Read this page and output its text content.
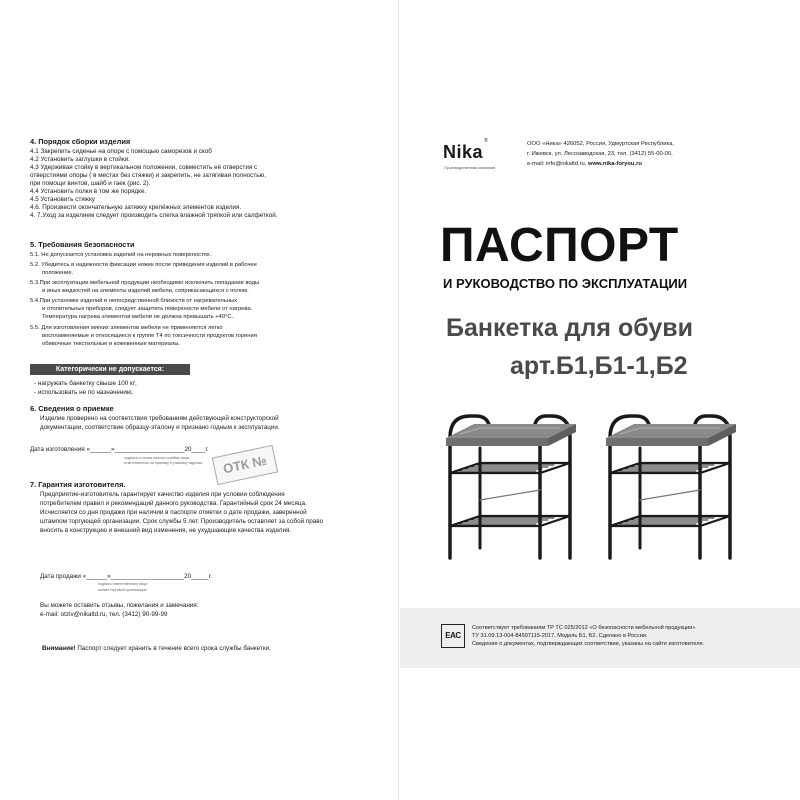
4. Порядок сборки изделия
4.1 Закрепить сиденье на опоре с помощью саморезов и скоб
4.2 Установить заглушки в стойки.
4.3 Удерживая стойку в вертикальном положении, совместить её отверстия с
отверстиями опоры ( в местах без стяжки) и закрепить, не затягивая полностью,
при помощи винтов, шайб и гаек (рис. 2).
4.4 Установить полки в том же порядке.
4.5 Установить стяжку
4.6. Произвести окончательную затяжку крепёжных элементов изделия.
4. 7.Уход за изделием следует производить слегка влажной тряпкой или салфеткой.
5. Требования безопасности
5.1. Не допускается установка изделий на неровных поверхностях.
5.2. Убедитесь в надежности фиксации ножек после приведения изделий в рабочее
положение.
5.3.При эксплуатации мебельной продукции необходимо исключить попадание воды
и иных жидкостей на элементы изделий мебели, соприкасающихся с полом.
5.4.При установке изделий в непосредственной близости от нагревательных
и отопительных приборов, следует защитить поверхности мебели от нагрева.
Температура нагрева элементов мебели не должна превышать +40°С.
5.5. Для изготовления мягких элементов мебели не применяются легко
воспламеняемые и относящиеся к группе Т4 по токсичности продуктов горения
обивочные текстильные и кожевенные материалы.
Категорически не допускается:
- нагружать банкетку свыше 100 кг;
- использовать не по назначению.
6. Сведения о приемке
Изделие проверено на соответствия требованиям действующей конструкторской
документации, соответствие образцу-эталону и признано годным к эксплуатации.
Дата изготовления «______»____________________20____г.
подпись и оттиск личного клейма лица,
ответственного за приемку и упаковку изделия	ОТК №
7. Гарантия изготовителя.
Предприятие-изготовитель гарантирует качество изделия при условии соблюдения
потребителем правил и рекомендаций данного руководства. Гарантийный срок 24 месяца.
Исчисляется со дня продажи при наличии в паспорте отметки о дате продажи, заверенной
штампом торгующей организации. Срок службы 5 лет. Производитель оставляет за собой право
вносить в конструкцию и внешний вид изменения, не ухудшающие качества изделия.
Дата продажи «______»_____________________20_____г.
подпись ответственного лица
штамп торговой организации
Вы можете оставить отзывы, пожелания и замечания:
e-mail: otziv@nikaltd.ru, тел. (3412) 90-99-99
Внимание! Паспорт следует хранить в течение всего срока службы банкетки.
Nika
®
Производственная компания
ООО «Ника» 426052, Россия, Удмуртская Республика,
г. Ижевск, ул. Лесозаводская, 23, тел. (3412) 55-00-00,
e-mail: info@nikaltd.ru, www.nika-foryou.ru
ПАСПОРТ
И РУКОВОДСТВО ПО ЭКСПЛУАТАЦИИ
Банкетка для обуви
арт.Б1,Б1-1,Б2
EAC
Соответствует требованиям ТР ТС 025/2012 «О безопасности мебельной продукции»
ТУ 31.09.13-004-84597115-2017. Модель Б1, Б2. Сделано в России.
Сведения о документах, подтверждающих соответствие, указаны на сайте изготовителя.
